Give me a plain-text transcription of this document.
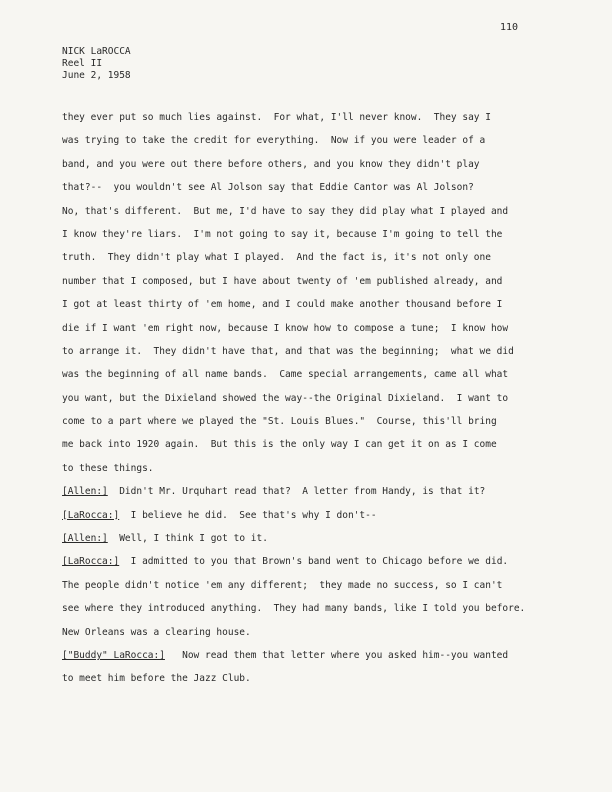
110
NICK LaROCCA
Reel II
June 2, 1958
they ever put so much lies against.  For what, I'll never know.  They say I
was trying to take the credit for everything.  Now if you were leader of a
band, and you were out there before others, and you know they didn't play
that?--  you wouldn't see Al Jolson say that Eddie Cantor was Al Jolson?
No, that's different.  But me, I'd have to say they did play what I played and
I know they're liars.  I'm not going to say it, because I'm going to tell the
truth.  They didn't play what I played.  And the fact is, it's not only one
number that I composed, but I have about twenty of 'em published already, and
I got at least thirty of 'em home, and I could make another thousand before I
die if I want 'em right now, because I know how to compose a tune;  I know how
to arrange it.  They didn't have that, and that was the beginning;  what we did
was the beginning of all name bands.  Came special arrangements, came all what
you want, but the Dixieland showed the way--the Original Dixieland.  I want to
come to a part where we played the "St. Louis Blues."  Course, this'll bring
me back into 1920 again.  But this is the only way I can get it on as I come
to these things.
[Allen:]  Didn't Mr. Urquhart read that?  A letter from Handy, is that it?
[LaRocca:]  I believe he did.  See that's why I don't--
[Allen:]  Well, I think I got to it.
[LaRocca:]  I admitted to you that Brown's band went to Chicago before we did.
The people didn't notice 'em any different;  they made no success, so I can't
see where they introduced anything.  They had many bands, like I told you before.
New Orleans was a clearing house.
["Buddy" LaRocca:]   Now read them that letter where you asked him--you wanted
to meet him before the Jazz Club.
